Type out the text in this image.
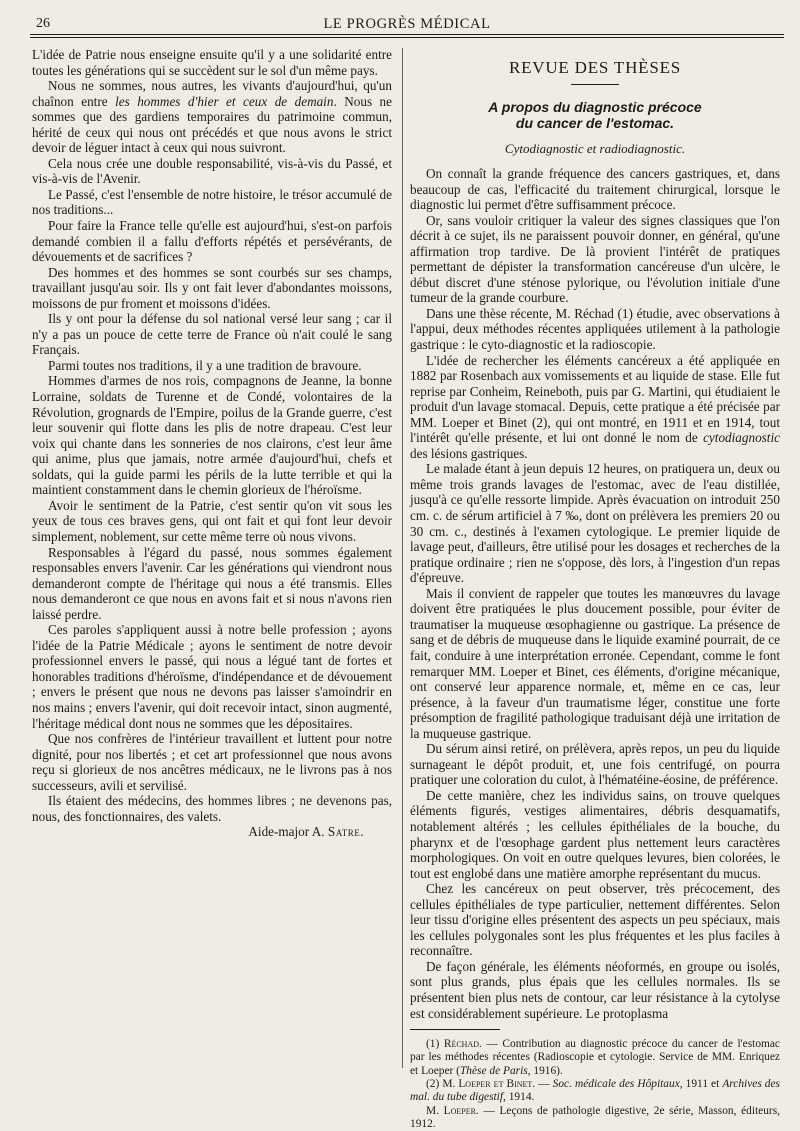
26	LE PROGRÈS MÉDICAL

L'idée de Patrie nous enseigne ensuite qu'il y a une solidarité entre toutes les générations qui se succèdent sur le sol d'un même pays.

Nous ne sommes, nous autres, les vivants d'aujourd'hui, qu'un chaînon entre les hommes d'hier et ceux de demain. Nous ne sommes que des gardiens temporaires du patrimoine commun, hérité de ceux qui nous ont précédés et que nous avons le strict devoir de léguer intact à ceux qui nous suivront.

Cela nous crée une double responsabilité, vis-à-vis du Passé, et vis-à-vis de l'Avenir.

Le Passé, c'est l'ensemble de notre histoire, le trésor accumulé de nos traditions...

Pour faire la France telle qu'elle est aujourd'hui, s'est-on parfois demandé combien il a fallu d'efforts répétés et persévérants, de dévouements et de sacrifices ?

Des hommes et des hommes se sont courbés sur ses champs, travaillant jusqu'au soir. Ils y ont fait lever d'abondantes moissons, moissons de pur froment et moissons d'idées.

Ils y ont pour la défense du sol national versé leur sang ; car il n'y a pas un pouce de cette terre de France où n'ait coulé le sang Français.

Parmi toutes nos traditions, il y a une tradition de bravoure.

Hommes d'armes de nos rois, compagnons de Jeanne, la bonne Lorraine, soldats de Turenne et de Condé, volontaires de la Révolution, grognards de l'Empire, poilus de la Grande guerre, c'est leur souvenir qui flotte dans les plis de notre drapeau. C'est leur voix qui chante dans les sonneries de nos clairons, c'est leur âme qui anime, plus que jamais, notre armée d'aujourd'hui, chefs et soldats, qui la guide parmi les périls de la lutte terrible et qui la maintient constamment dans le chemin glorieux de l'héroïsme.

Avoir le sentiment de la Patrie, c'est sentir qu'on vit sous les yeux de tous ces braves gens, qui ont fait et qui font leur devoir simplement, noblement, sur cette même terre où nous vivons.

Responsables à l'égard du passé, nous sommes également responsables envers l'avenir. Car les générations qui viendront nous demanderont compte de l'héritage qui nous a été transmis. Elles nous demanderont ce que nous en avons fait et si nous n'avons rien laissé perdre.

Ces paroles s'appliquent aussi à notre belle profession ; ayons l'idée de la Patrie Médicale ; ayons le sentiment de notre devoir professionnel envers le passé, qui nous a légué tant de fortes et honorables traditions d'héroïsme, d'indépendance et de dévouement ; envers le présent que nous ne devons pas laisser s'amoindrir en nos mains ; envers l'avenir, qui doit recevoir intact, sinon augmenté, l'héritage médical dont nous ne sommes que les dépositaires.

Que nos confrères de l'intérieur travaillent et luttent pour notre dignité, pour nos libertés ; et cet art professionnel que nous avons reçu si glorieux de nos ancêtres médicaux, ne le livrons pas à nos successeurs, avili et servilisé.

Ils étaient des médecins, des hommes libres ; ne devenons pas, nous, des fonctionnaires, des valets.

Aide-major A. Satre.
REVUE DES THÈSES
A propos du diagnostic précoce
du cancer de l'estomac.
Cytodiagnostic et radiodiagnostic.

On connaît la grande fréquence des cancers gastriques, et, dans beaucoup de cas, l'efficacité du traitement chirurgical, lorsque le diagnostic lui permet d'être suffisamment précoce.

Or, sans vouloir critiquer la valeur des signes classiques que l'on décrit à ce sujet, ils ne paraissent pouvoir donner, en général, qu'une affirmation trop tardive. De là provient l'intérêt de pratiques permettant de dépister la transformation cancéreuse d'un ulcère, le début discret d'une sténose pylorique, ou l'évolution initiale d'une tumeur de la grande courbure.

Dans une thèse récente, M. Réchad (1) étudie, avec observations à l'appui, deux méthodes récentes appliquées utilement à la pathologie gastrique : le cyto-diagnostic et la radioscopie.

L'idée de rechercher les éléments cancéreux a été appliquée en 1882 par Rosenbach aux vomissements et au liquide de stase. Elle fut reprise par Conheim, Reineboth, puis par G. Martini, qui étudiaient le produit d'un lavage stomacal. Depuis, cette pratique a été précisée par MM. Loeper et Binet (2), qui ont montré, en 1911 et en 1914, tout l'intérêt qu'elle présente, et lui ont donné le nom de cytodiagnostic des lésions gastriques.

Le malade étant à jeun depuis 12 heures, on pratiquera un, deux ou même trois grands lavages de l'estomac, avec de l'eau distillée, jusqu'à ce qu'elle ressorte limpide. Après évacuation on introduit 250 cm. c. de sérum artificiel à 7 ‰, dont on prélèvera les premiers 20 ou 30 cm. c., destinés à l'examen cytologique. Le premier liquide de lavage peut, d'ailleurs, être utilisé pour les dosages et recherches de la pratique ordinaire ; rien ne s'oppose, dès lors, à l'ingestion d'un repas d'épreuve.

Mais il convient de rappeler que toutes les manœuvres du lavage doivent être pratiquées le plus doucement possible, pour éviter de traumatiser la muqueuse œsophagienne ou gastrique. La présence de sang et de débris de muqueuse dans le liquide examiné pourrait, de ce fait, conduire à une interprétation erronée. Cependant, comme le font remarquer MM. Loeper et Binet, ces éléments, d'origine mécanique, ont conservé leur apparence normale, et, même en ce cas, leur présence, à la faveur d'un traumatisme léger, constitue une forte présomption de fragilité pathologique traduisant déjà une irritation de la muqueuse gastrique.

Du sérum ainsi retiré, on prélèvera, après repos, un peu du liquide surnageant le dépôt produit, et, une fois centrifugé, on pourra pratiquer une coloration du culot, à l'hématéine-éosine, de préférence.

De cette manière, chez les individus sains, on trouve quelques éléments figurés, vestiges alimentaires, débris desquamatifs, notablement altérés ; les cellules épithéliales de la bouche, du pharynx et de l'œsophage gardent plus nettement leurs caractères morphologiques. On voit en outre quelques levures, bien colorées, le tout est englobé dans une matière amorphe représentant du mucus.

Chez les cancéreux on peut observer, très précocement, des cellules épithéliales de type particulier, nettement différentes. Selon leur tissu d'origine elles présentent des aspects un peu spéciaux, mais les cellules polygonales sont les plus fréquentes et les plus faciles à reconnaître.

De façon générale, les éléments néoformés, en groupe ou isolés, sont plus grands, plus épais que les cellules normales. Ils se présentent bien plus nets de contour, car leur résistance à la cytolyse est considérablement supérieure. Le protoplasma

(1) Réchad. — Contribution au diagnostic précoce du cancer de l'estomac par les méthodes récentes (Radioscopie et cytologie. Service de MM. Enriquez et Loeper (Thèse de Paris, 1916).

(2) M. Loeper et Binet. — Soc. médicale des Hôpitaux, 1911 et Archives des mal. du tube digestif, 1914.

M. Loeper. — Leçons de pathologie digestive, 2e série, Masson, éditeurs, 1912.
